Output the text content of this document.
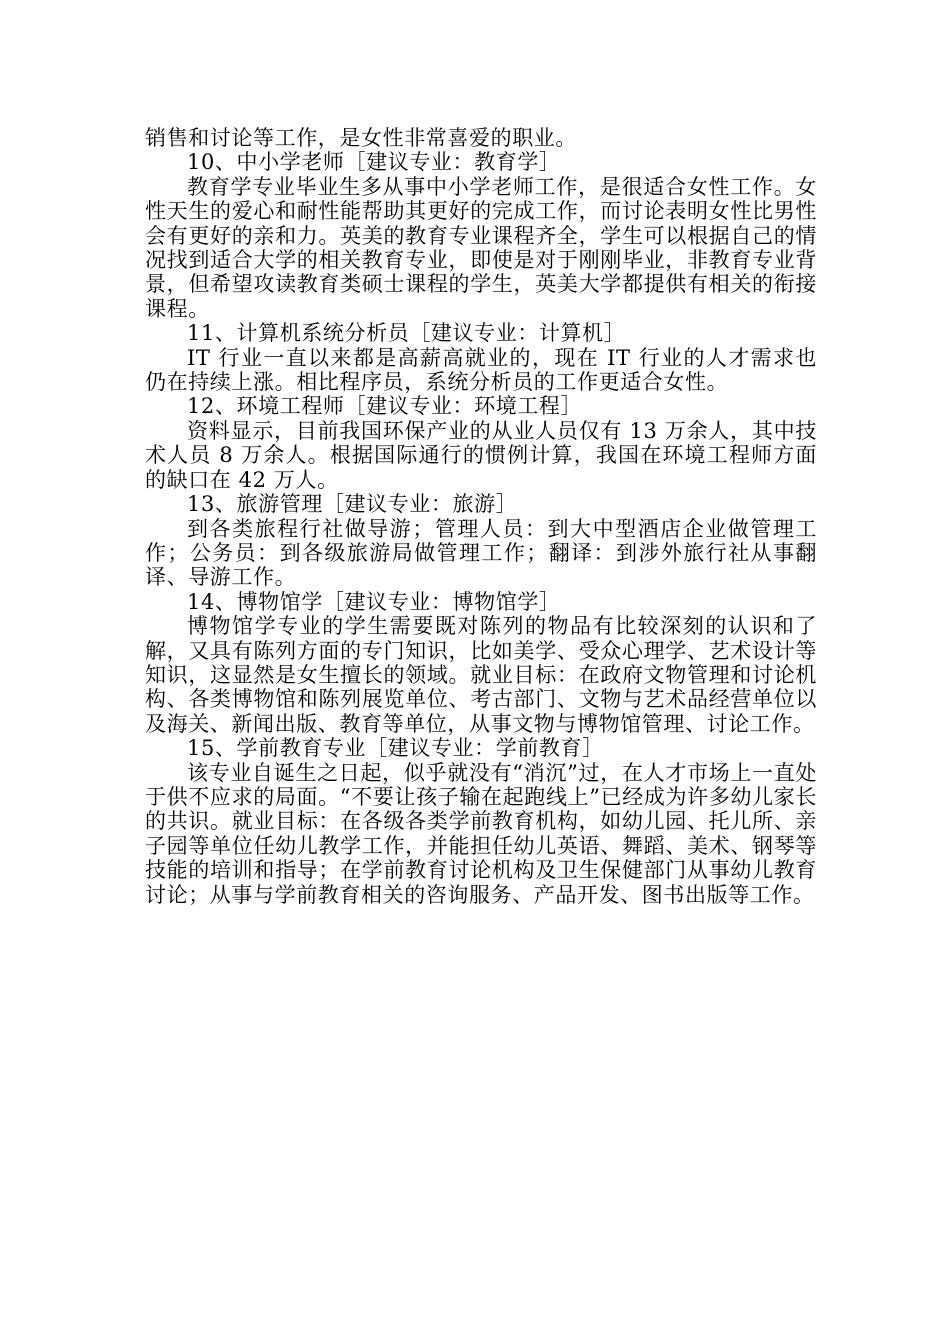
销售和讨论等工作，是女性非常喜爱的职业。

10、中小学老师［建议专业：教育学］

教育学专业毕业生多从事中小学老师工作，是很适合女性工作。女性天生的爱心和耐性能帮助其更好的完成工作，而讨论表明女性比男性会有更好的亲和力。英美的教育专业课程齐全，学生可以根据自己的情况找到适合大学的相关教育专业，即使是对于刚刚毕业，非教育专业背景，但希望攻读教育类硕士课程的学生，英美大学都提供有相关的衔接课程。

11、计算机系统分析员［建议专业：计算机］

IT 行业一直以来都是高薪高就业的，现在 IT 行业的人才需求也仍在持续上涨。相比程序员，系统分析员的工作更适合女性。

12、环境工程师［建议专业：环境工程］

资料显示，目前我国环保产业的从业人员仅有 13 万余人，其中技术人员 8 万余人。根据国际通行的惯例计算，我国在环境工程师方面的缺口在 42 万人。

13、旅游管理［建议专业：旅游］

到各类旅程行社做导游；管理人员：到大中型酒店企业做管理工作；公务员：到各级旅游局做管理工作；翻译：到涉外旅行社从事翻译、导游工作。

14、博物馆学［建议专业：博物馆学］

博物馆学专业的学生需要既对陈列的物品有比较深刻的认识和了解，又具有陈列方面的专门知识，比如美学、受众心理学、艺术设计等知识，这显然是女生擅长的领域。就业目标：在政府文物管理和讨论机构、各类博物馆和陈列展览单位、考古部门、文物与艺术品经营单位以及海关、新闻出版、教育等单位，从事文物与博物馆管理、讨论工作。

15、学前教育专业［建议专业：学前教育］

该专业自诞生之日起，似乎就没有“消沉”过，在人才市场上一直处于供不应求的局面。“不要让孩子输在起跑线上”已经成为许多幼儿家长的共识。就业目标：在各级各类学前教育机构，如幼儿园、托儿所、亲子园等单位任幼儿教学工作，并能担任幼儿英语、舞蹈、美术、钢琴等技能的培训和指导；在学前教育讨论机构及卫生保健部门从事幼儿教育讨论；从事与学前教育相关的咨询服务、产品开发、图书出版等工作。
